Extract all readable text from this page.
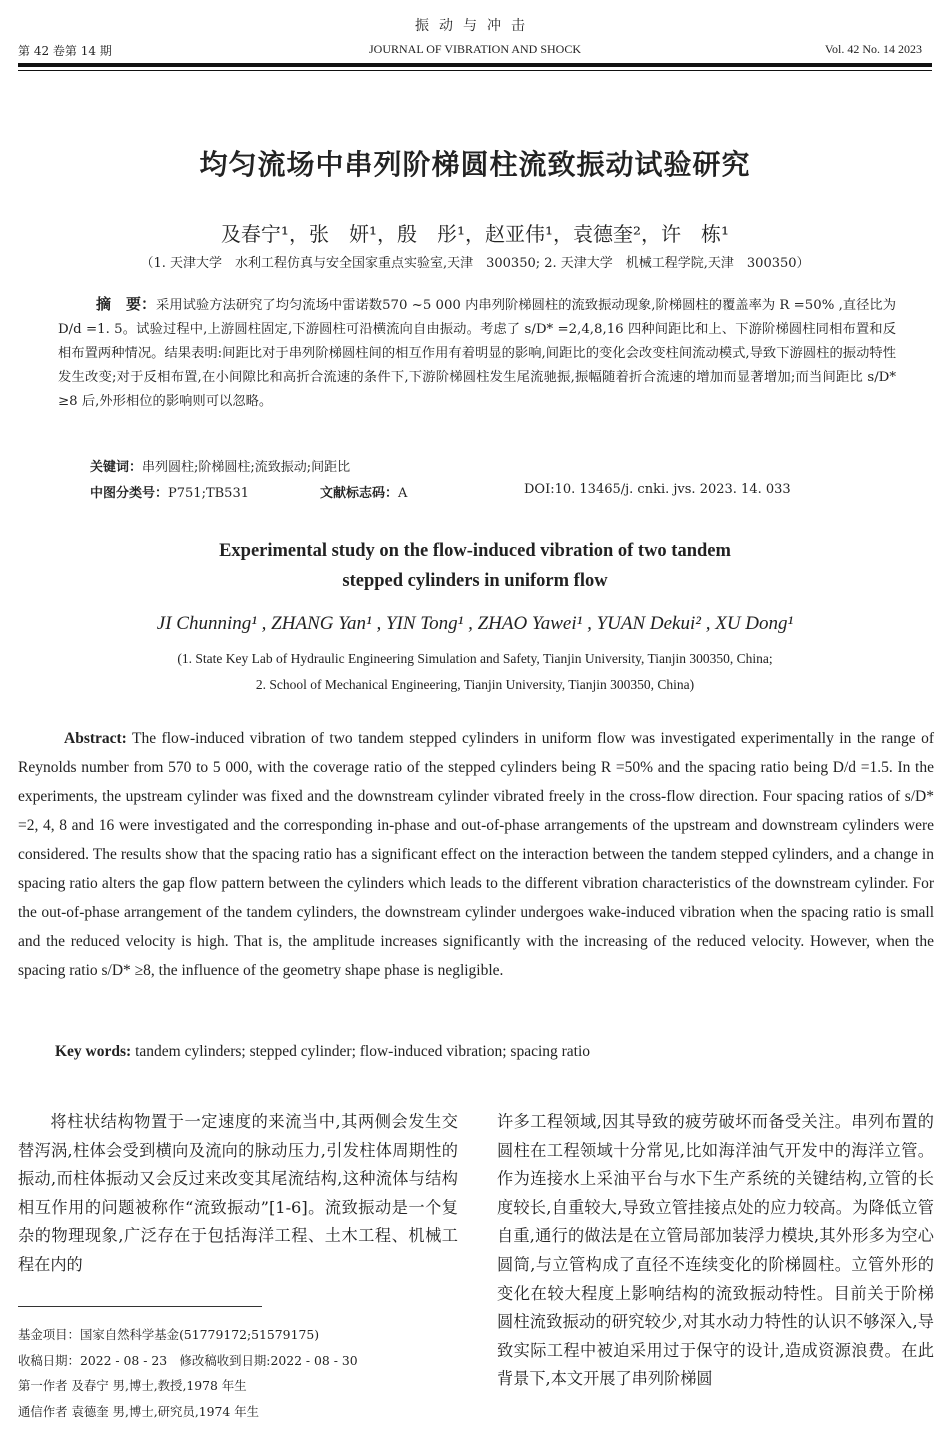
振动与冲击
第 42 卷第 14 期	JOURNAL OF VIBRATION AND SHOCK	Vol. 42 No. 14 2023
均匀流场中串列阶梯圆柱流致振动试验研究
及春宁¹，张　妍¹，殷　彤¹，赵亚伟¹，袁德奎²，许　栋¹
（1. 天津大学　水利工程仿真与安全国家重点实验室,天津　300350; 2. 天津大学　机械工程学院,天津　300350）
摘　要：采用试验方法研究了均匀流场中雷诺数570 ~5 000 内串列阶梯圆柱的流致振动现象,阶梯圆柱的覆盖率为 R =50% ,直径比为 D/d =1. 5。试验过程中,上游圆柱固定,下游圆柱可沿横流向自由振动。考虑了 s/D* =2,4,8,16 四种间距比和上、下游阶梯圆柱同相布置和反相布置两种情况。结果表明:间距比对于串列阶梯圆柱间的相互作用有着明显的影响,间距比的变化会改变柱间流动模式,导致下游圆柱的振动特性发生改变;对于反相布置,在小间隙比和高折合流速的条件下,下游阶梯圆柱发生尾流驰振,振幅随着折合流速的增加而显著增加;而当间距比 s/D* ≥8 后,外形相位的影响则可以忽略。
关键词：串列圆柱;阶梯圆柱;流致振动;间距比
中图分类号：P751;TB531	文献标志码：A	DOI:10. 13465/j. cnki. jvs. 2023. 14. 033
Experimental study on the flow-induced vibration of two tandem
stepped cylinders in uniform flow
JI Chunning¹ , ZHANG Yan¹ , YIN Tong¹ , ZHAO Yawei¹ , YUAN Dekui² , XU Dong¹
(1. State Key Lab of Hydraulic Engineering Simulation and Safety, Tianjin University, Tianjin 300350, China;
2. School of Mechanical Engineering, Tianjin University, Tianjin 300350, China)
Abstract: The flow-induced vibration of two tandem stepped cylinders in uniform flow was investigated experimentally in the range of Reynolds number from 570 to 5 000, with the coverage ratio of the stepped cylinders being R =50% and the spacing ratio being D/d =1.5. In the experiments, the upstream cylinder was fixed and the downstream cylinder vibrated freely in the cross-flow direction. Four spacing ratios of s/D* =2, 4, 8 and 16 were investigated and the corresponding in-phase and out-of-phase arrangements of the upstream and downstream cylinders were considered. The results show that the spacing ratio has a significant effect on the interaction between the tandem stepped cylinders, and a change in spacing ratio alters the gap flow pattern between the cylinders which leads to the different vibration characteristics of the downstream cylinder. For the out-of-phase arrangement of the tandem cylinders, the downstream cylinder undergoes wake-induced vibration when the spacing ratio is small and the reduced velocity is high. That is, the amplitude increases significantly with the increasing of the reduced velocity. However, when the spacing ratio s/D* ≥8, the influence of the geometry shape phase is negligible.
Key words: tandem cylinders; stepped cylinder; flow-induced vibration; spacing ratio

将柱状结构物置于一定速度的来流当中,其两侧会发生交替泻涡,柱体会受到横向及流向的脉动压力,引发柱体周期性的振动,而柱体振动又会反过来改变其尾流结构,这种流体与结构相互作用的问题被称作“流致振动”[1-6]。流致振动是一个复杂的物理现象,广泛存在于包括海洋工程、土木工程、机械工程在内的

许多工程领域,因其导致的疲劳破坏而备受关注。串列布置的圆柱在工程领域十分常见,比如海洋油气开发中的海洋立管。作为连接水上采油平台与水下生产系统的关键结构,立管的长度较长,自重较大,导致立管挂接点处的应力较高。为降低立管自重,通行的做法是在立管局部加装浮力模块,其外形多为空心圆筒,与立管构成了直径不连续变化的阶梯圆柱。立管外形的变化在较大程度上影响结构的流致振动特性。目前关于阶梯圆柱流致振动的研究较少,对其水动力特性的认识不够深入,导致实际工程中被迫采用过于保守的设计,造成资源浪费。在此背景下,本文开展了串列阶梯圆

基金项目：国家自然科学基金(51779172;51579175)
收稿日期：2022 - 08 - 23　修改稿收到日期:2022 - 08 - 30
第一作者 及春宁 男,博士,教授,1978 年生
通信作者 袁德奎 男,博士,研究员,1974 年生
